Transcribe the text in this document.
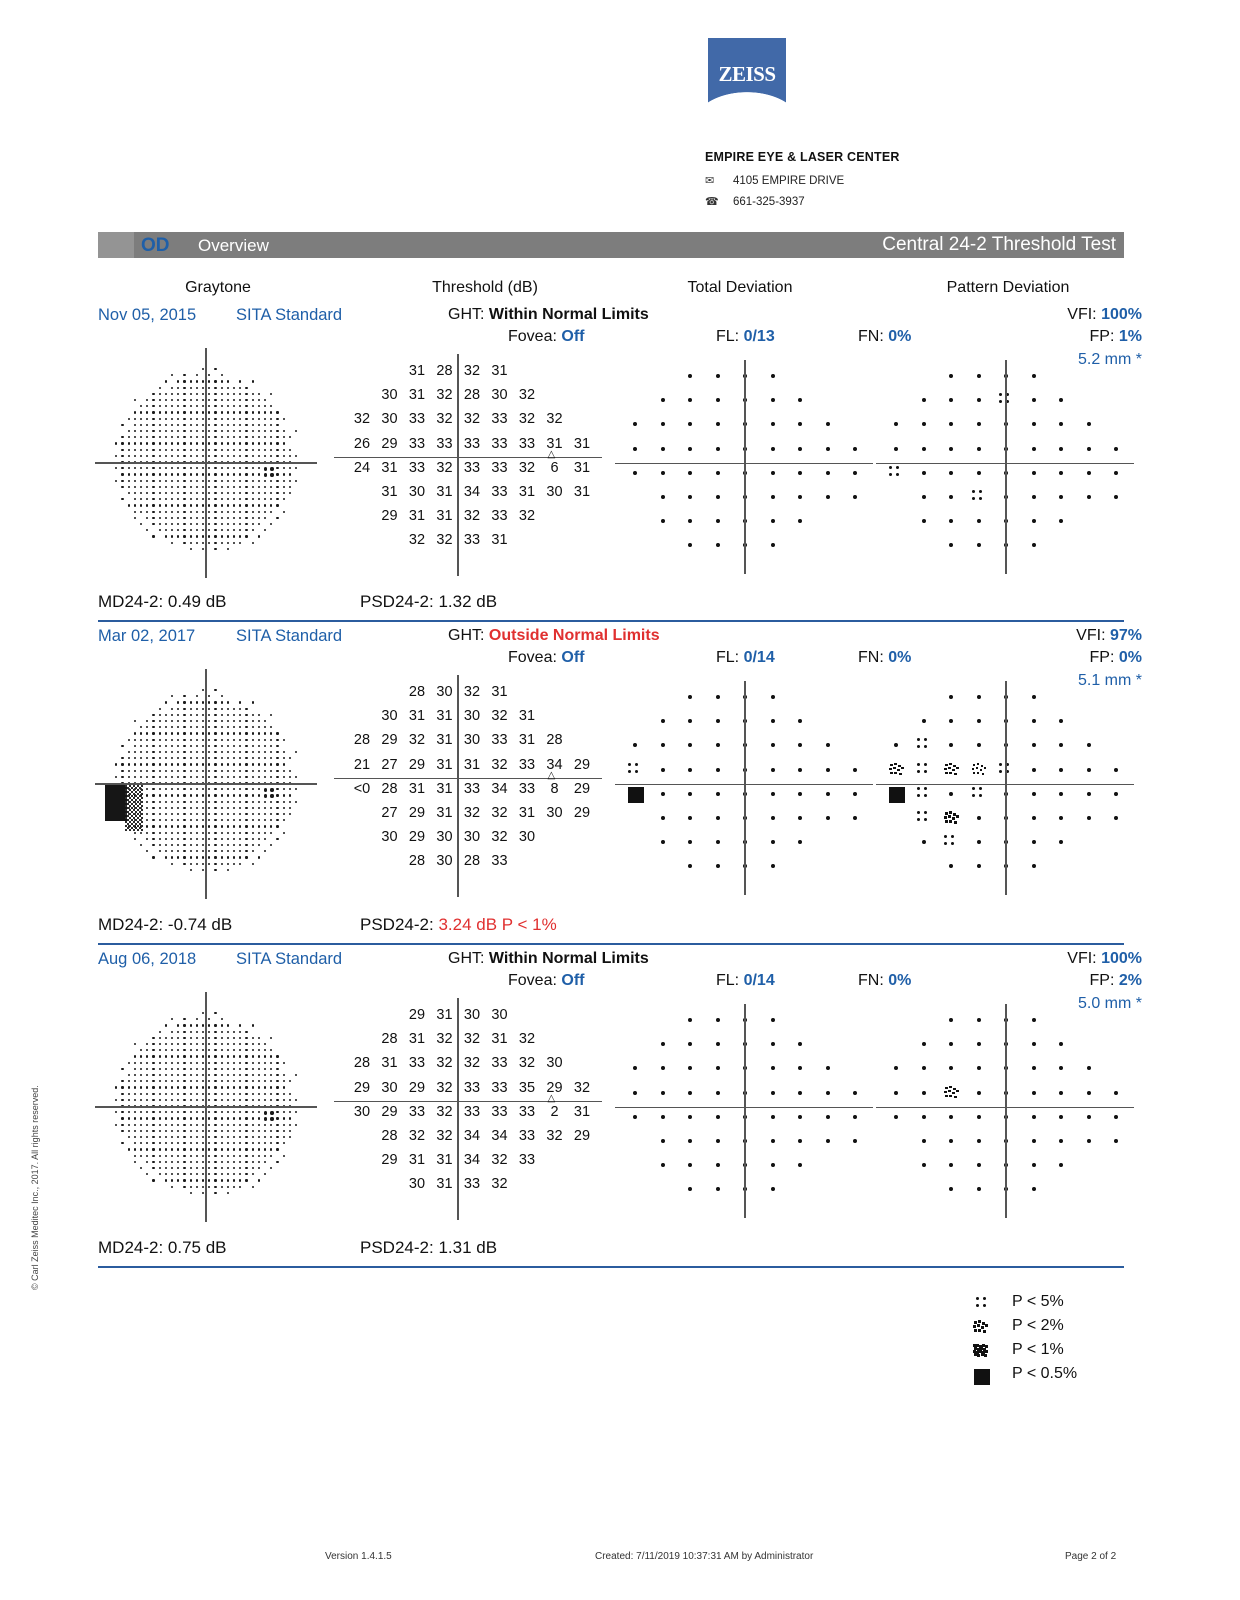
ZEISS
EMPIRE EYE & LASER CENTER
✉ 4105 EMPIRE DRIVE
☎ 661-325-3937
OD Overview	Central 24-2 Threshold Test
Graytone	Threshold (dB)	Total Deviation	Pattern Deviation
Nov 05, 2015 SITA Standard	GHT: Within Normal Limits
Fovea: Off	FL: 0/13	FN: 0%
VFI: 100%
FP: 1%
5.2 mm *
31 28 32 31
30 31 32 28 30 32
32 30 33 32 32 33 32 32
26 29 33 33 33 33 33 31 31
24 31 33 32 33 33 32	6	31
31 30 31 34 33 31 30 31
29 31 31 32 33 32
32 32 33 31
△
MD24-2: 0.49 dB	PSD24-2: 1.32 dB
Mar 02, 2017 SITA Standard	GHT: Outside Normal Limits
Fovea: Off	FL: 0/14	FN: 0%
VFI: 97%
FP: 0%
5.1 mm *
28 30 32 31
30 31 31 30 32 31
28 29 32 31 30 33 31 28
21 27 29 31 31 32 33 34 29
<0 28 31 31 33 34 33	8	29
27 29 31 32 32 31 30 29
30 29 30 30 32 30
28 30 28 33
△
MD24-2: -0.74 dB	PSD24-2: 3.24 dB P < 1%
Aug 06, 2018 SITA Standard	GHT: Within Normal Limits
Fovea: Off	FL: 0/14	FN: 0%
VFI: 100%
FP: 2%
5.0 mm *
29 31 30 30
28 31 32 32 31 32
28 31 33 32 32 33 32 30
29 30 29 32 33 33 35 29 32
30 29 33 32 33 33 33	2	31
28 32 32 34 34 33 32 29
29 31 31 34 32 33
30 31 33 32
△
MD24-2: 0.75 dB	PSD24-2: 1.31 dB
P < 5%
P < 2%
P < 1%
P < 0.5%
© Carl Zeiss Meditec Inc., 2017. All rights reserved.
Version 1.4.1.5	Created: 7/11/2019 10:37:31 AM by Administrator	Page 2 of 2
